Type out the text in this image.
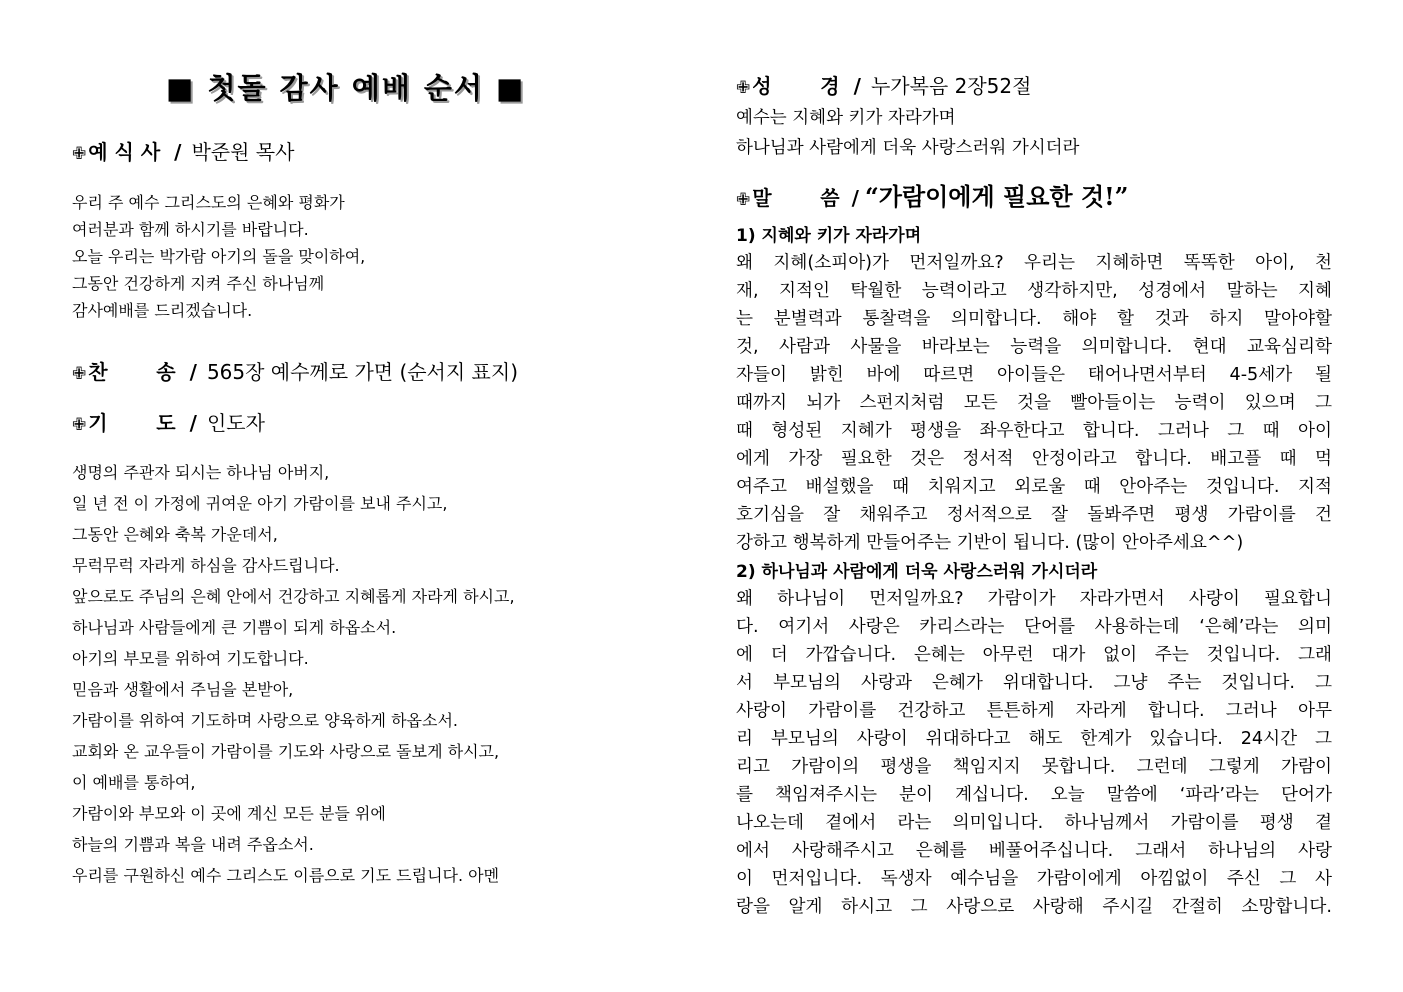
■ 첫돌 감사 예배 순서 ■
✙ 예 식 사 / 박준원 목사
우리 주 예수 그리스도의 은혜와 평화가
여러분과 함께 하시기를 바랍니다.
오늘 우리는 박가람 아기의 돌을 맞이하여,
그동안 건강하게 지켜 주신 하나님께
감사예배를 드리겠습니다.
✙ 찬       송 / 565장 예수께로 가면 (순서지 표지)
✙ 기       도 / 인도자
생명의 주관자 되시는 하나님 아버지,
일 년 전 이 가정에 귀여운 아기 가람이를 보내 주시고,
그동안 은혜와 축복 가운데서,
무럭무럭 자라게 하심을 감사드립니다.
앞으로도 주님의 은혜 안에서 건강하고 지혜롭게 자라게 하시고,
하나님과 사람들에게 큰 기쁨이 되게 하옵소서.
아기의 부모를 위하여 기도합니다.
믿음과 생활에서 주님을 본받아,
가람이를 위하여 기도하며 사랑으로 양육하게 하옵소서.
교회와 온 교우들이 가람이를 기도와 사랑으로 돌보게 하시고,
이 예배를 통하여,
가람이와 부모와 이 곳에 계신 모든 분들 위에
하늘의 기쁨과 복을 내려 주옵소서.
우리를 구원하신 예수 그리스도 이름으로 기도 드립니다. 아멘
✙ 성       경 / 누가복음 2장52절
예수는 지혜와 키가 자라가며
하나님과 사람에게 더욱 사랑스러워 가시더라
✙ 말       씀 / “가람이에게 필요한 것!”
1) 지혜와 키가 자라가며
왜 지혜(소피아)가 먼저일까요? 우리는 지혜하면 똑똑한 아이, 천
재, 지적인 탁월한 능력이라고 생각하지만, 성경에서 말하는 지혜
는 분별력과 통찰력을 의미합니다. 해야 할 것과 하지 말아야할
것, 사람과 사물을 바라보는 능력을 의미합니다. 현대 교육심리학
자들이 밝힌 바에 따르면 아이들은 태어나면서부터 4-5세가 될
때까지 뇌가 스펀지처럼 모든 것을 빨아들이는 능력이 있으며 그
때 형성된 지혜가 평생을 좌우한다고 합니다. 그러나 그 때 아이
에게 가장 필요한 것은 정서적 안정이라고 합니다. 배고플 때 먹
여주고 배설했을 때 치워지고 외로울 때 안아주는 것입니다. 지적
호기심을 잘 채워주고 정서적으로 잘 돌봐주면 평생 가람이를 건
강하고 행복하게 만들어주는 기반이 됩니다. (많이 안아주세요^^)
2) 하나님과 사람에게 더욱 사랑스러워 가시더라
왜 하나님이 먼저일까요? 가람이가 자라가면서 사랑이 필요합니
다. 여기서 사랑은 카리스라는 단어를 사용하는데 ‘은혜’라는 의미
에 더 가깝습니다. 은혜는 아무런 대가 없이 주는 것입니다. 그래
서 부모님의 사랑과 은혜가 위대합니다. 그냥 주는 것입니다. 그
사랑이 가람이를 건강하고 튼튼하게 자라게 합니다. 그러나 아무
리 부모님의 사랑이 위대하다고 해도 한계가 있습니다. 24시간 그
리고 가람이의 평생을 책임지지 못합니다. 그런데 그렇게 가람이
를 책임져주시는 분이 계십니다. 오늘 말씀에 ‘파라’라는 단어가
나오는데 곁에서 라는 의미입니다. 하나님께서 가람이를 평생 곁
에서 사랑해주시고 은혜를 베풀어주십니다. 그래서 하나님의 사랑
이 먼저입니다. 독생자 예수님을 가람이에게 아낌없이 주신 그 사
랑을 알게 하시고 그 사랑으로 사랑해 주시길 간절히 소망합니다.
